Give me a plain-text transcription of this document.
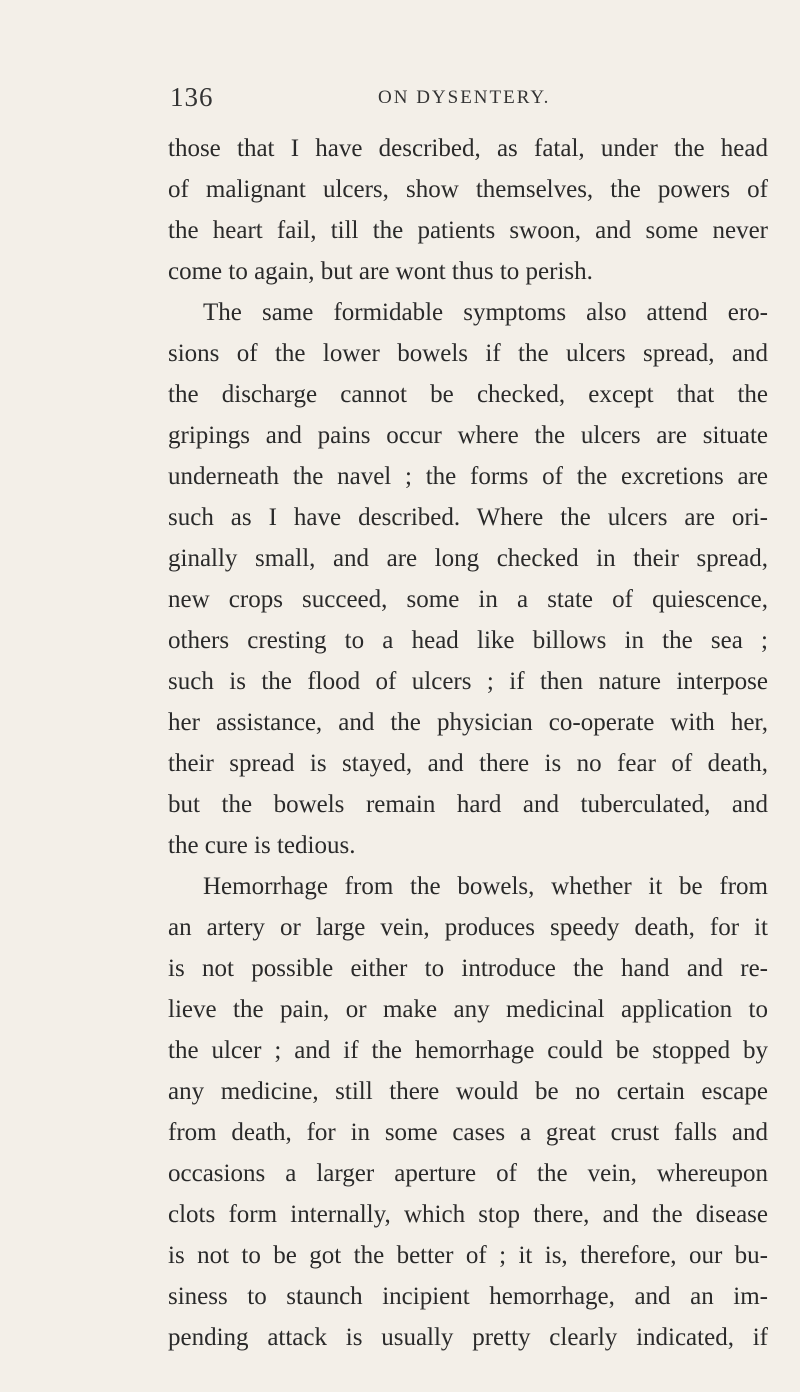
136	ON DYSENTERY.
those that I have described, as fatal, under the head
of malignant ulcers, show themselves, the powers of
the heart fail, till the patients swoon, and some never
come to again, but are wont thus to perish.
The same formidable symptoms also attend ero-
sions of the lower bowels if the ulcers spread, and
the discharge cannot be checked, except that the
gripings and pains occur where the ulcers are situate
underneath the navel ; the forms of the excretions are
such as I have described. Where the ulcers are ori-
ginally small, and are long checked in their spread,
new crops succeed, some in a state of quiescence,
others cresting to a head like billows in the sea ;
such is the flood of ulcers ; if then nature interpose
her assistance, and the physician co-operate with her,
their spread is stayed, and there is no fear of death,
but the bowels remain hard and tuberculated, and
the cure is tedious.
Hemorrhage from the bowels, whether it be from
an artery or large vein, produces speedy death, for it
is not possible either to introduce the hand and re-
lieve the pain, or make any medicinal application to
the ulcer ; and if the hemorrhage could be stopped by
any medicine, still there would be no certain escape
from death, for in some cases a great crust falls and
occasions a larger aperture of the vein, whereupon
clots form internally, which stop there, and the disease
is not to be got the better of ; it is, therefore, our bu-
siness to staunch incipient hemorrhage, and an im-
pending attack is usually pretty clearly indicated, if
